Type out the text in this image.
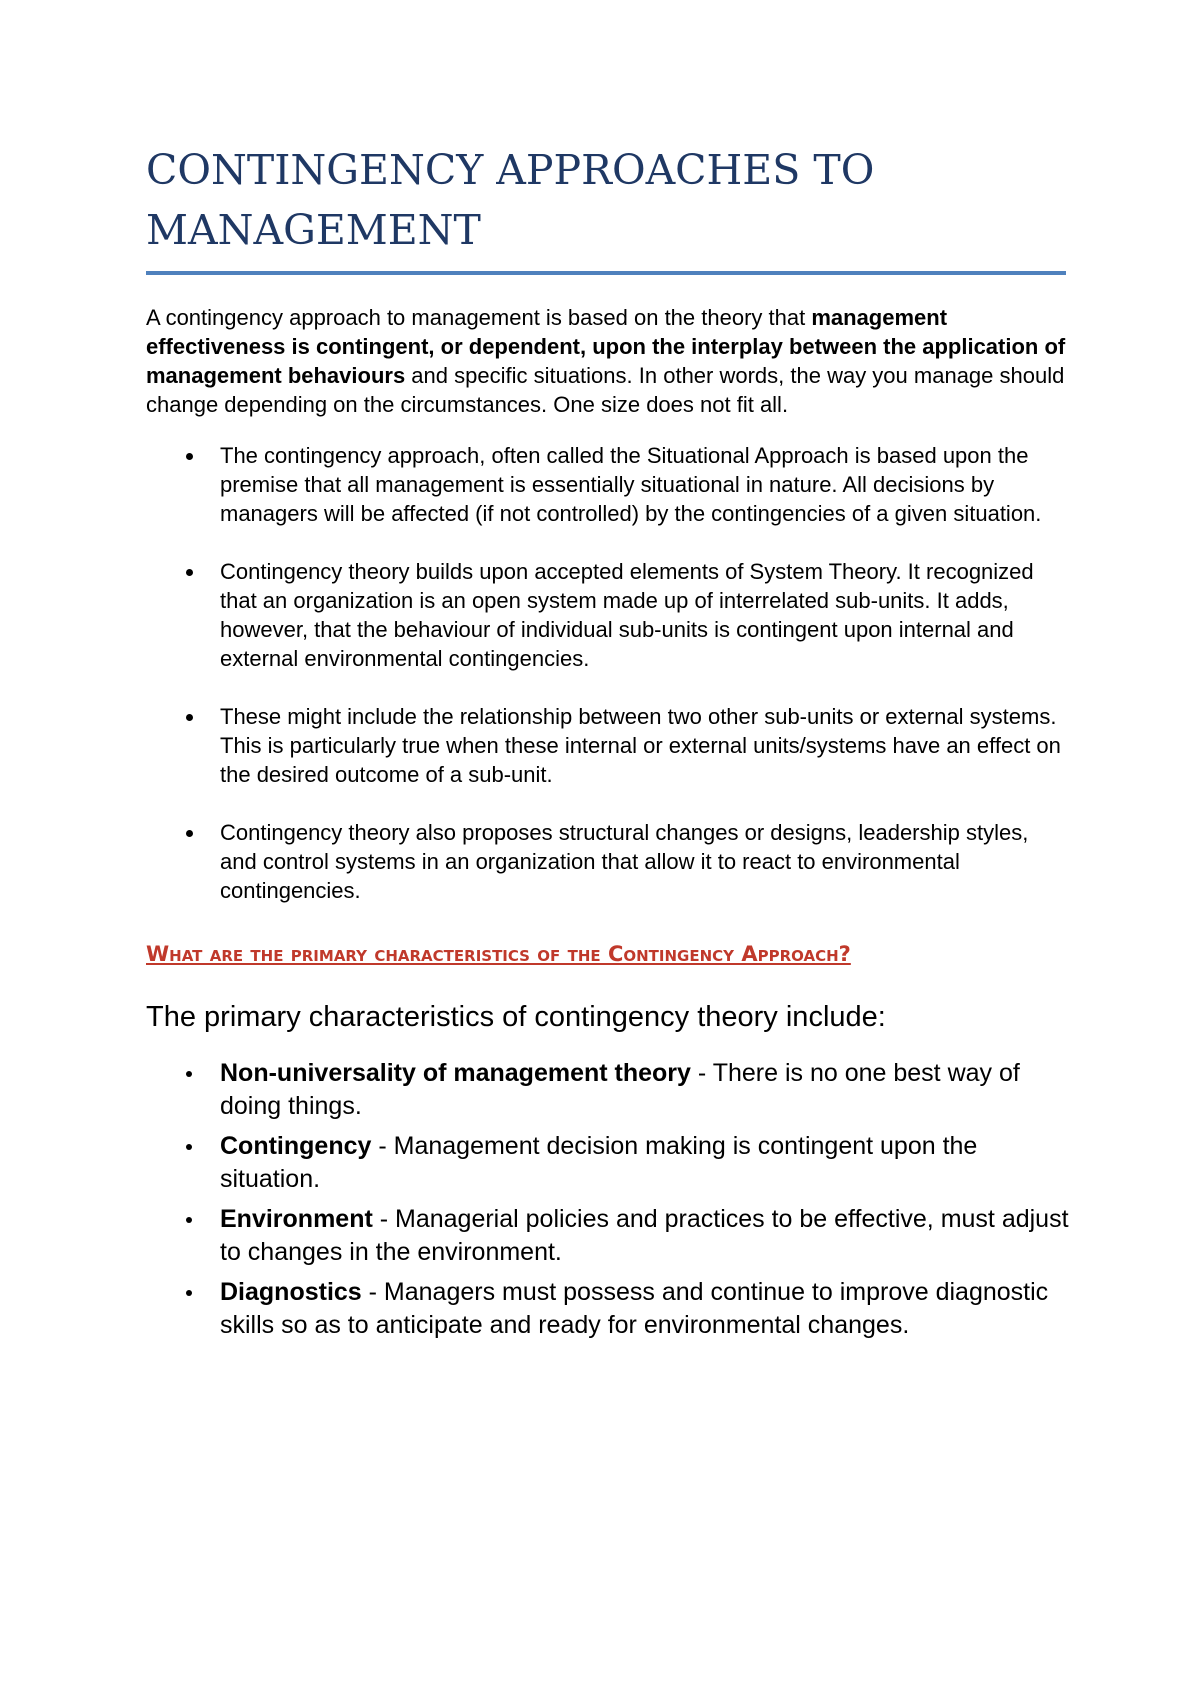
CONTINGENCY APPROACHES TO
MANAGEMENT

A contingency approach to management is based on the theory that management effectiveness is contingent, or dependent, upon the interplay between the application of management behaviours and specific situations. In other words, the way you manage should change depending on the circumstances. One size does not fit all.

The contingency approach, often called the Situational Approach is based upon the premise that all management is essentially situational in nature. All decisions by managers will be affected (if not controlled) by the contingencies of a given situation.
Contingency theory builds upon accepted elements of System Theory. It recognized that an organization is an open system made up of interrelated sub-units. It adds, however, that the behaviour of individual sub-units is contingent upon internal and external environmental contingencies.
These might include the relationship between two other sub-units or external systems. This is particularly true when these internal or external units/systems have an effect on the desired outcome of a sub-unit.
Contingency theory also proposes structural changes or designs, leadership styles, and control systems in an organization that allow it to react to environmental contingencies.
What are the primary characteristics of the Contingency Approach?
The primary characteristics of contingency theory include:
Non-universality of management theory - There is no one best way of doing things.
Contingency - Management decision making is contingent upon the situation.
Environment - Managerial policies and practices to be effective, must adjust to changes in the environment.
Diagnostics - Managers must possess and continue to improve diagnostic skills so as to anticipate and ready for environmental changes.
